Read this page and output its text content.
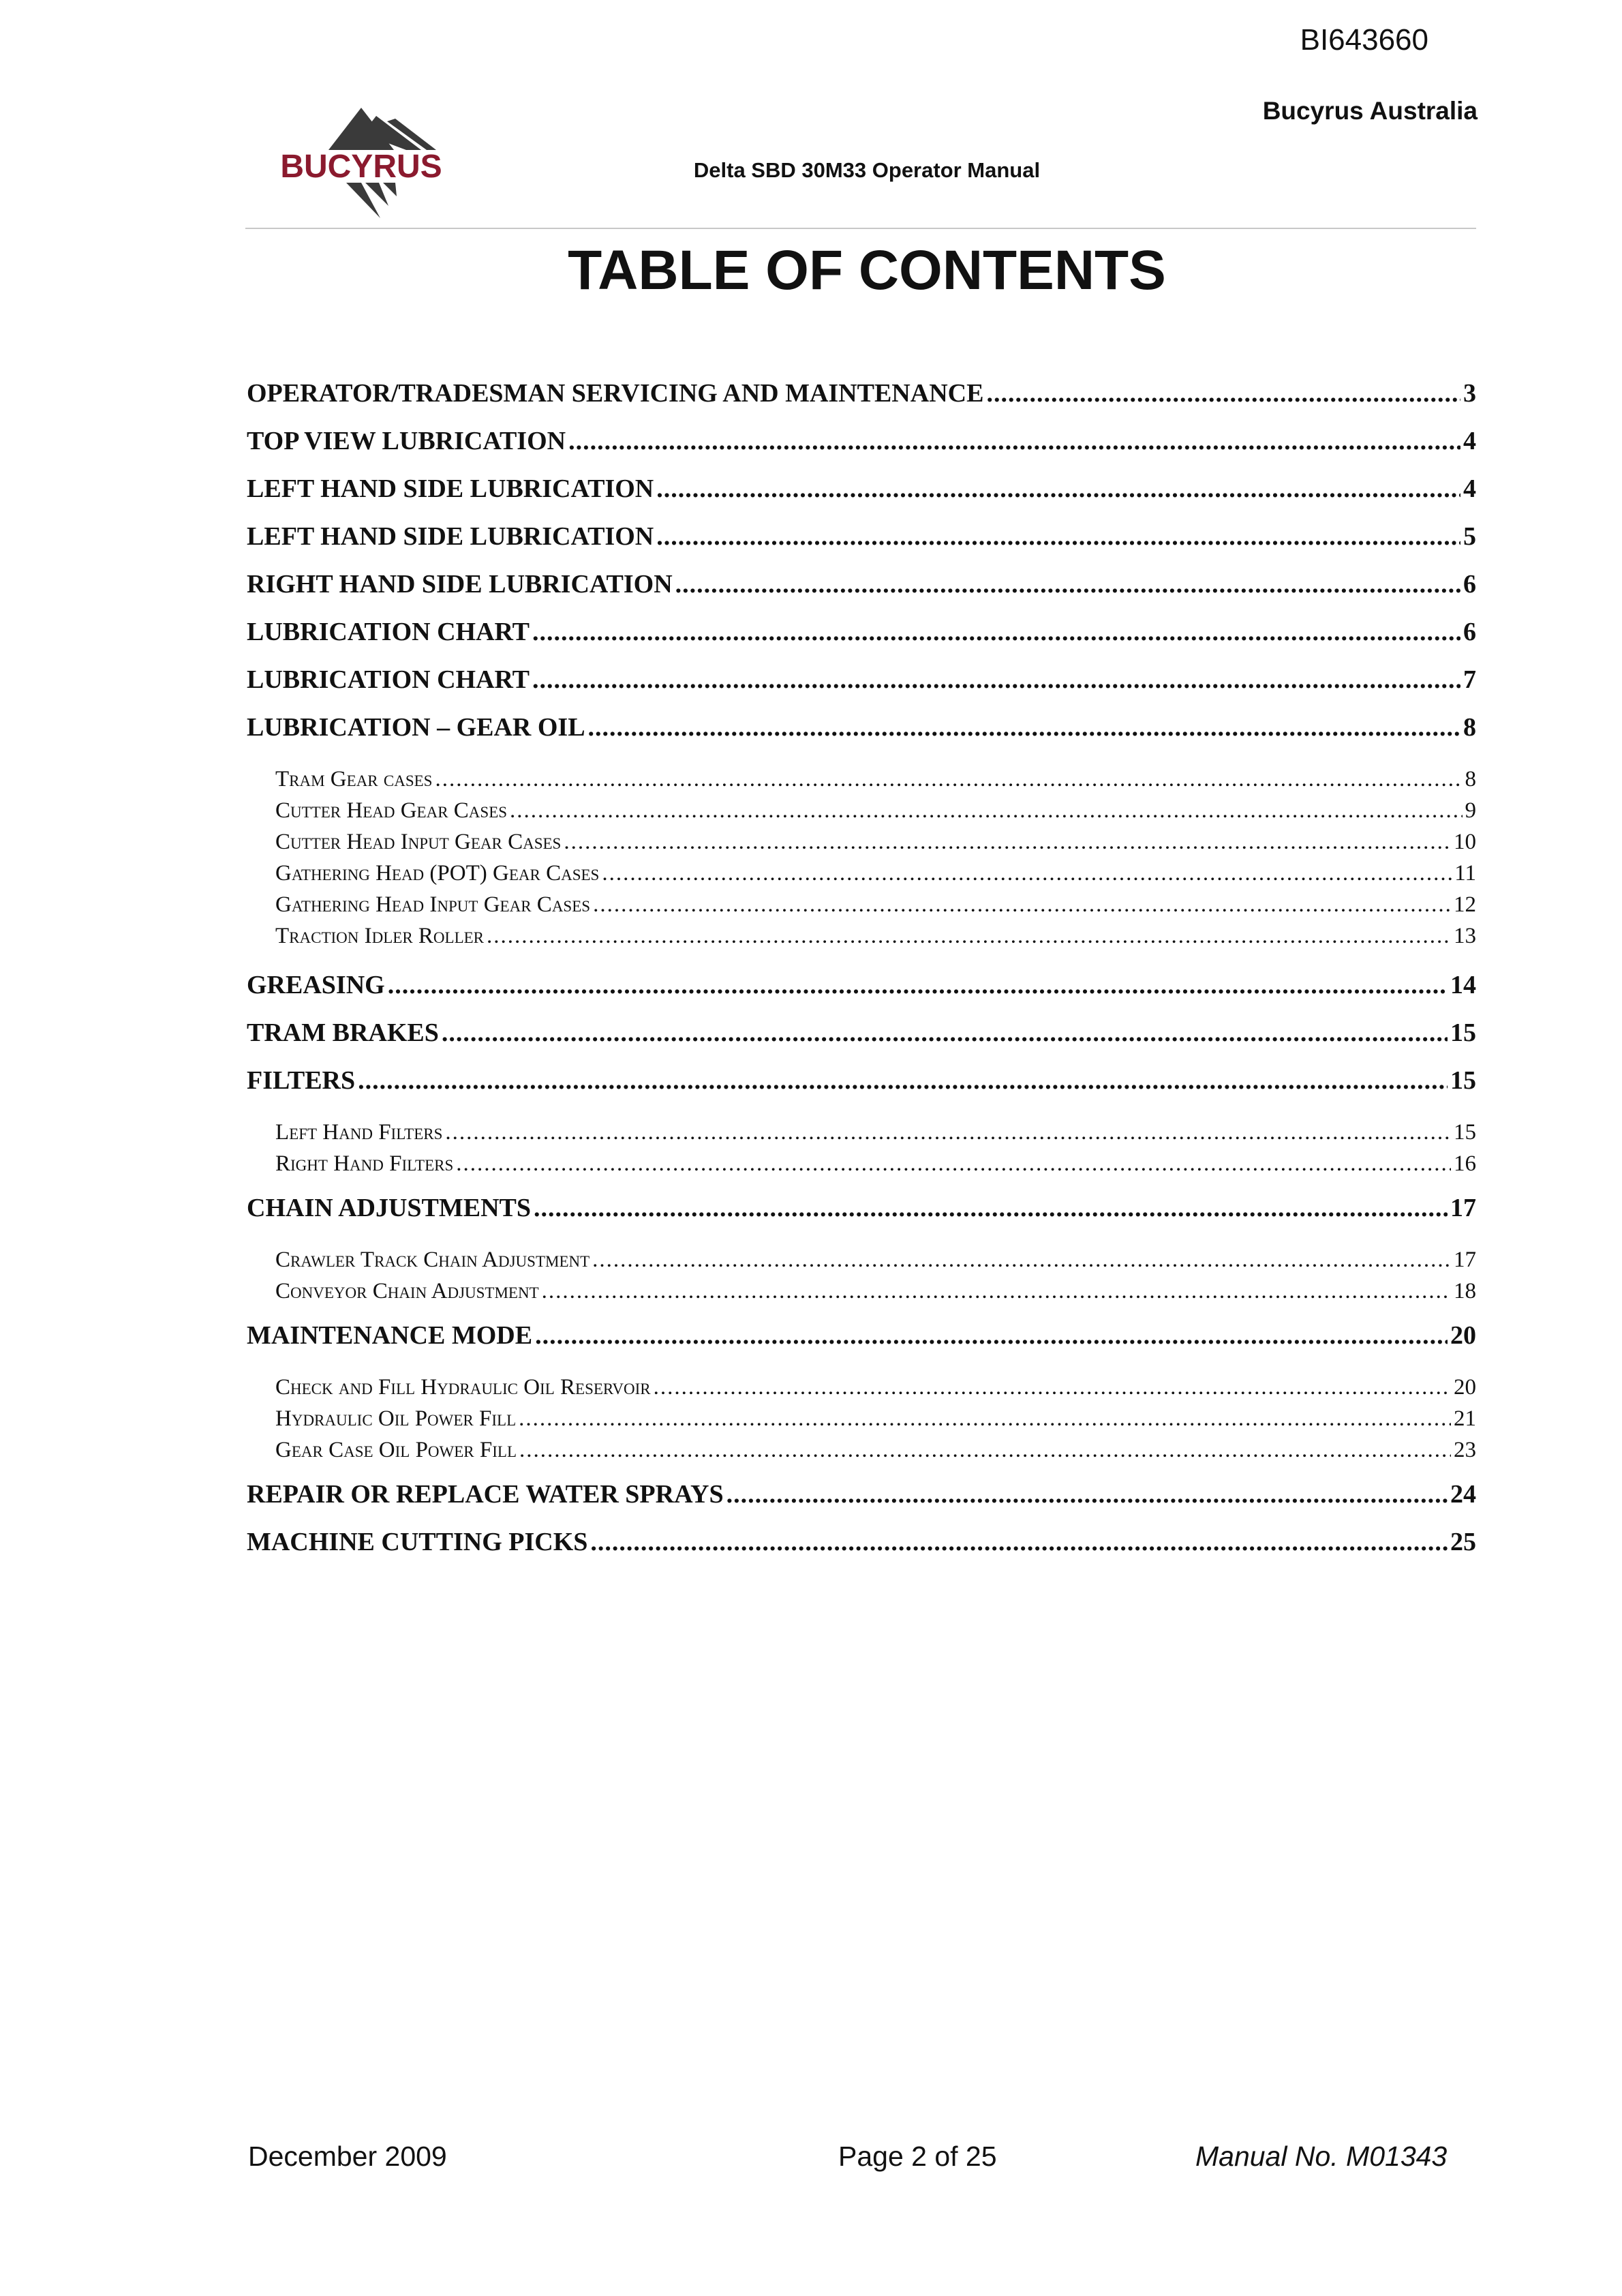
BI643660
Bucyrus Australia
BUCYRUS	Delta SBD 30M33 Operator Manual
TABLE OF CONTENTS
OPERATOR/TRADESMAN SERVICING AND MAINTENANCE .....	3
TOP VIEW LUBRICATION .....	4
LEFT HAND SIDE LUBRICATION .....	4
LEFT HAND SIDE LUBRICATION .....	5
RIGHT HAND SIDE LUBRICATION .....	6
LUBRICATION CHART .....	6
LUBRICATION CHART .....	7
LUBRICATION – GEAR OIL .....	8
Tram Gear cases .....	8
Cutter Head Gear Cases .....	9
Cutter Head Input Gear Cases .....	10
Gathering Head (POT) Gear Cases .....	11
Gathering Head Input Gear Cases .....	12
Traction Idler Roller .....	13
GREASING .....	14
TRAM BRAKES .....	15
FILTERS .....	15
Left Hand Filters .....	15
Right Hand Filters .....	16
CHAIN ADJUSTMENTS .....	17
Crawler Track Chain Adjustment .....	17
Conveyor Chain Adjustment .....	18
MAINTENANCE MODE .....	20
Check and Fill Hydraulic Oil Reservoir .....	20
Hydraulic Oil Power Fill .....	21
Gear Case Oil Power Fill .....	23
REPAIR OR REPLACE WATER SPRAYS .....	24
MACHINE CUTTING PICKS .....	25
December 2009	Page 2 of 25	Manual No. M01343
